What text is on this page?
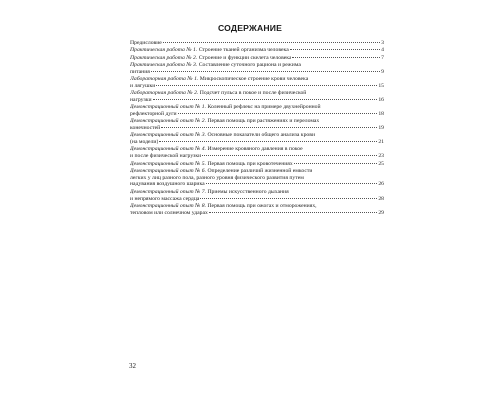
СОДЕРЖАНИЕ
Предисловие	3
Практическая работа № 1. Строение тканей организма человека	4
Практическая работа № 2. Строение и функции скелета человека	7
Практическая работа № 3. Составление суточного рациона и режима
питания	9
Лабораторная работа № 1. Микроскопическое строение крови человека
и лягушки	15
Лабораторная работа № 2. Подсчет пульса в покое и после физической
нагрузки	16
Демонстрационный опыт № 1. Коленный рефлекс на примере двухнейронной
рефлекторной дуги	18
Демонстрационный опыт № 2. Первая помощь при растяжениях и переломах
конечностей	19
Демонстрационный опыт № 3. Основные показатели общего анализа крови
(на модели)	21
Демонстрационный опыт № 4. Измерение кровяного давления в покое
и после физической нагрузки	23
Демонстрационный опыт № 5. Первая помощь при кровотечениях	25
Демонстрационный опыт № 6. Определение различий жизненной емкости
легких у лиц разного пола, разного уровня физического развития путем
надувания воздушного шарика	26
Демонстрационный опыт № 7. Приемы искусственного дыхания
и непрямого массажа сердца	28
Демонстрационный опыт № 8. Первая помощь при ожогах и отморожениях,
тепловом или солнечном ударах	29
32
